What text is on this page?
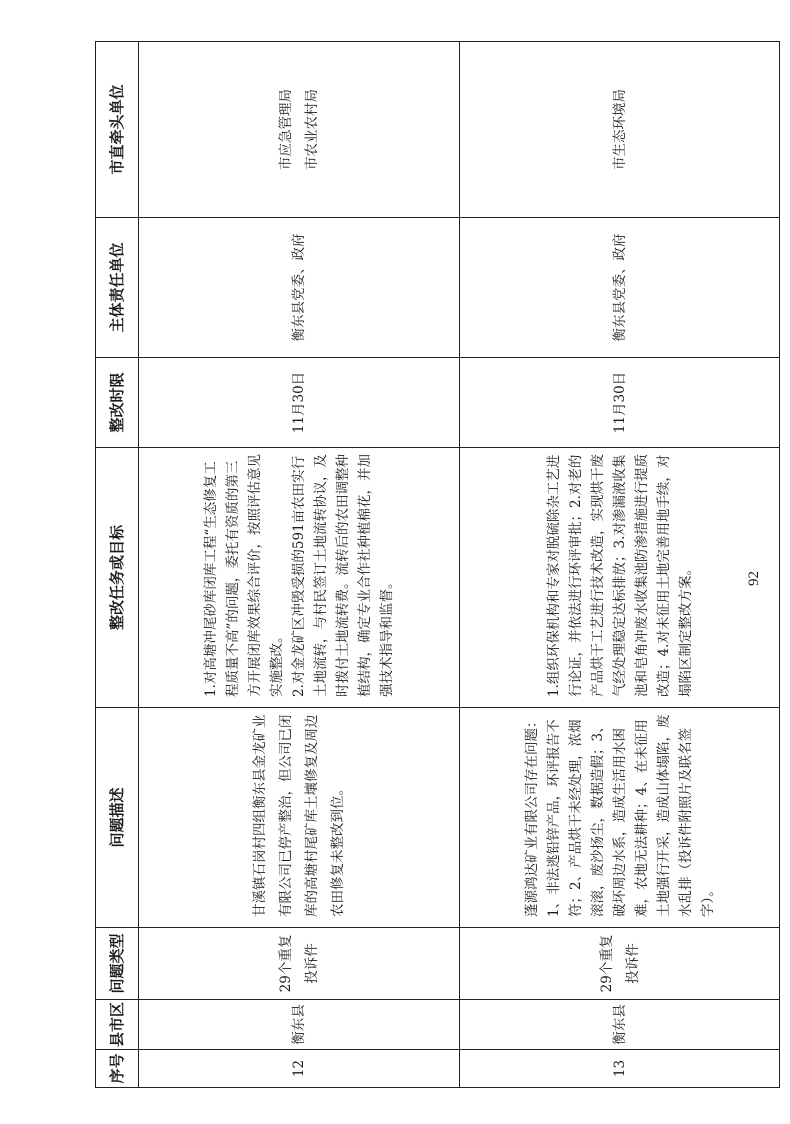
序号	县市区	问题类型	问题描述	整改任务或目标	整改时限	主体责任单位	市直牵头单位
12	衡东县	29个重复投诉件	甘溪镇石岗村四组衡东县金龙矿业有限公司已停产整治，但公司已闭库的高塘村尾矿库土壤修复及周边农田修复未整改到位。	1.对高塘冲尾砂库闭库工程“生态修复工程质量不高”的问题，委托有资质的第三方开展闭库效果综合评价，按照评估意见实施整改。
2.对金龙矿区冲毁受损的591亩农田实行土地流转，与村民签订土地流转协议，及时拨付土地流转费。流转后的农田调整种植结构，确定专业合作社种植棉花，并加强技术指导和监督。	11月30日	衡东县党委、政府	市应急管理局
市农业农村局
13	衡东县	29个重复投诉件	蓬源鸿达矿业有限公司存在问题：1、非法逃铅锌产品，环评报告不符；2、产品烘干未经处理，浓烟滚滚，废沙扬尘，数据造假；3、破坏周边水系，造成生活用水困难，农地无法耕种；4、在未征用土地强行开采，造成山体塌陷，废水乱排（投诉件附照片及联名签字）。	1.组织环保机构和专家对脱硫除杂工艺进行论证，并依法进行环评审批；2.对老的产品烘干工艺进行技术改造，实现烘干废气经处理稳定达标排放；3.对渗漏液收集池和皂角冲废水收集池防渗措施进行提质改造；4.对未征用土地完善用地手续，对塌陷区制定整改方案。	11月30日	衡东县党委、政府	市生态环境局
92
